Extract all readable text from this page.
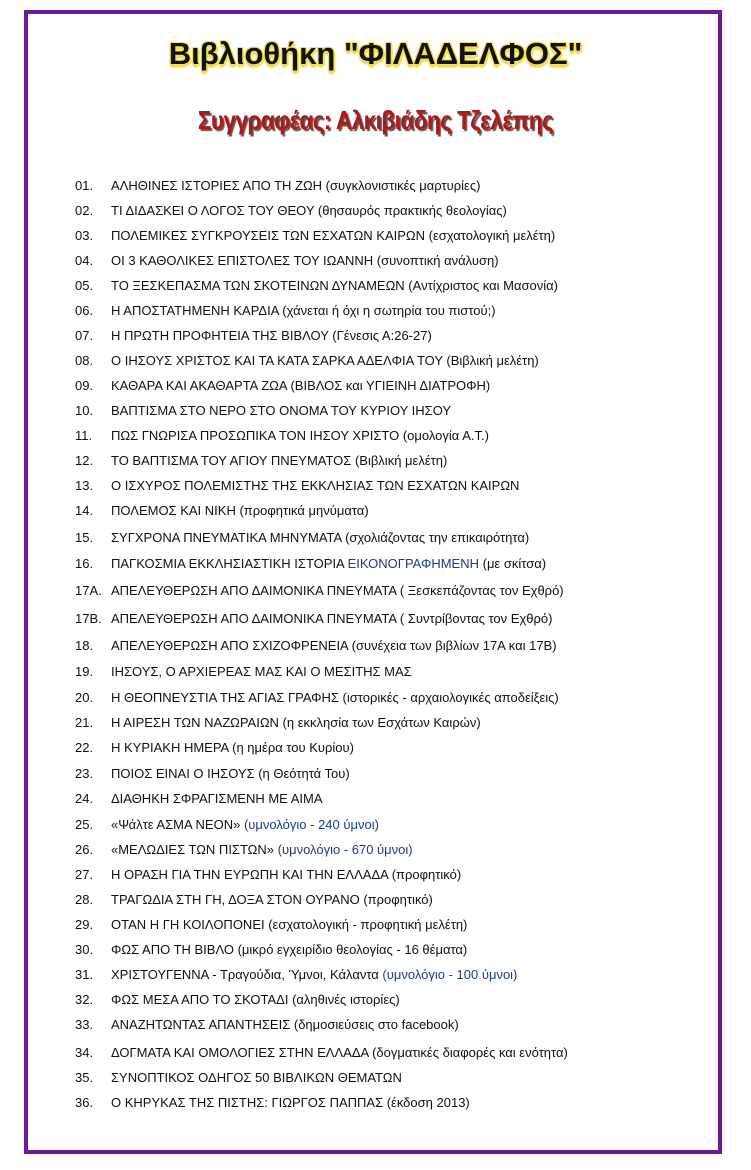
Βιβλιοθήκη "ΦΙΛΑΔΕΛΦΟΣ"
Συγγραφέας: Αλκιβιάδης Τζελέπης
01. ΑΛΗΘΙΝΕΣ ΙΣΤΟΡΙΕΣ ΑΠΟ ΤΗ ΖΩΗ (συγκλονιστικές μαρτυρίες)
02. ΤΙ ΔΙΔΑΣΚΕΙ Ο ΛΟΓΟΣ ΤΟΥ ΘΕΟΥ (θησαυρός πρακτικής θεολογίας)
03. ΠΟΛΕΜΙΚΕΣ ΣΥΓΚΡΟΥΣΕΙΣ ΤΩΝ ΕΣΧΑΤΩΝ ΚΑΙΡΩΝ (εσχατολογική μελέτη)
04. ΟΙ 3 ΚΑΘΟΛΙΚΕΣ ΕΠΙΣΤΟΛΕΣ ΤΟΥ ΙΩΑΝΝΗ (συνοπτική ανάλυση)
05. ΤΟ ΞΕΣΚΕΠΑΣΜΑ ΤΩΝ ΣΚΟΤΕΙΝΩΝ ΔΥΝΑΜΕΩΝ (Αντίχριστος και Μασονία)
06. Η ΑΠΟΣΤΑΤΗΜΕΝΗ ΚΑΡΔΙΑ (χάνεται ή όχι η σωτηρία του πιστού;)
07. Η ΠΡΩΤΗ ΠΡΟΦΗΤΕΙΑ ΤΗΣ ΒΙΒΛΟΥ (Γένεσις Α:26-27)
08. Ο ΙΗΣΟΥΣ ΧΡΙΣΤΟΣ ΚΑΙ ΤΑ ΚΑΤΑ ΣΑΡΚΑ ΑΔΕΛΦΙΑ ΤΟΥ (Βιβλική μελέτη)
09. ΚΑΘΑΡΑ ΚΑΙ ΑΚΑΘΑΡΤΑ ΖΩΑ (ΒΙΒΛΟΣ και ΥΓΙΕΙΝΗ ΔΙΑΤΡΟΦΗ)
10. ΒΑΠΤΙΣΜΑ ΣΤΟ ΝΕΡΟ ΣΤΟ ΟΝΟΜΑ ΤΟΥ ΚΥΡΙΟΥ ΙΗΣΟΥ
11. ΠΩΣ ΓΝΩΡΙΣΑ ΠΡΟΣΩΠΙΚΑ ΤΟΝ ΙΗΣΟΥ ΧΡΙΣΤΟ (ομολογία Α.Τ.)
12. ΤΟ ΒΑΠΤΙΣΜΑ ΤΟΥ ΑΓΙΟΥ ΠΝΕΥΜΑΤΟΣ (Βιβλική μελέτη)
13. Ο ΙΣΧΥΡΟΣ ΠΟΛΕΜΙΣΤΗΣ ΤΗΣ ΕΚΚΛΗΣΙΑΣ ΤΩΝ ΕΣΧΑΤΩΝ ΚΑΙΡΩΝ
14. ΠΟΛΕΜΟΣ ΚΑΙ ΝΙΚΗ (προφητικά μηνύματα)
15. ΣΥΓΧΡΟΝΑ ΠΝΕΥΜΑΤΙΚΑ ΜΗΝΥΜΑΤΑ (σχολιάζοντας την επικαιρότητα)
16. ΠΑΓΚΟΣΜΙΑ ΕΚΚΛΗΣΙΑΣΤΙΚΗ ΙΣΤΟΡΙΑ ΕΙΚΟΝΟΓΡΑΦΗΜΕΝΗ (με σκίτσα)
17Α. ΑΠΕΛΕΥΘΕΡΩΣΗ ΑΠΟ ΔΑΙΜΟΝΙΚΑ ΠΝΕΥΜΑΤΑ ( Ξεσκεπάζοντας τον Εχθρό)
17Β. ΑΠΕΛΕΥΘΕΡΩΣΗ ΑΠΟ ΔΑΙΜΟΝΙΚΑ ΠΝΕΥΜΑΤΑ ( Συντρίβοντας τον Εχθρό)
18. ΑΠΕΛΕΥΘΕΡΩΣΗ ΑΠΟ ΣΧΙΖΟΦΡΕΝΕΙΑ (συνέχεια των βιβλίων 17Α και 17Β)
19. ΙΗΣΟΥΣ, Ο ΑΡΧΙΕΡΕΑΣ ΜΑΣ ΚΑΙ Ο ΜΕΣΙΤΗΣ ΜΑΣ
20. Η ΘΕΟΠΝΕΥΣΤΙΑ ΤΗΣ ΑΓΙΑΣ ΓΡΑΦΗΣ (ιστορικές - αρχαιολογικές αποδείξεις)
21. Η ΑΙΡΕΣΗ ΤΩΝ ΝΑΖΩΡΑΙΩΝ (η εκκλησία των Εσχάτων Καιρών)
22. Η ΚΥΡΙΑΚΗ ΗΜΕΡΑ (η ημέρα του Κυρίου)
23. ΠΟΙΟΣ ΕΙΝΑΙ Ο ΙΗΣΟΥΣ (η Θεότητά Του)
24. ΔΙΑΘΗΚΗ ΣΦΡΑΓΙΣΜΕΝΗ ΜΕ ΑΙΜΑ
25. «Ψάλτε ΑΣΜΑ ΝΕΟΝ» (υμνολόγιο - 240 ύμνοι)
26. «ΜΕΛΩΔΙΕΣ ΤΩΝ ΠΙΣΤΩΝ» (υμνολόγιο - 670 ύμνοι)
27. Η ΟΡΑΣΗ ΓΙΑ ΤΗΝ ΕΥΡΩΠΗ ΚΑΙ ΤΗΝ ΕΛΛΑΔΑ (προφητικό)
28. ΤΡΑΓΩΔΙΑ ΣΤΗ ΓΗ, ΔΟΞΑ ΣΤΟΝ ΟΥΡΑΝΟ (προφητικό)
29. ΟΤΑΝ Η ΓΗ ΚΟΙΛΟΠΟΝΕΙ (εσχατολογική - προφητική μελέτη)
30. ΦΩΣ ΑΠΟ ΤΗ ΒΙΒΛΟ (μικρό εγχειρίδιο θεολογίας - 16 θέματα)
31. ΧΡΙΣΤΟΥΓΕΝΝΑ - Τραγούδια, Ύμνοι, Κάλαντα (υμνολόγιο - 100 ύμνοι)
32. ΦΩΣ ΜΕΣΑ ΑΠΟ ΤΟ ΣΚΟΤΑΔΙ (αληθινές ιστορίες)
33. ΑΝΑΖΗΤΩΝΤΑΣ ΑΠΑΝΤΗΣΕΙΣ (δημοσιεύσεις στο facebook)
34. ΔΟΓΜΑΤΑ ΚΑΙ ΟΜΟΛΟΓΙΕΣ ΣΤΗΝ ΕΛΛΑΔΑ (δογματικές διαφορές και ενότητα)
35. ΣΥΝΟΠΤΙΚΟΣ ΟΔΗΓΟΣ 50 ΒΙΒΛΙΚΩΝ ΘΕΜΑΤΩΝ
36. Ο ΚΗΡΥΚΑΣ ΤΗΣ ΠΙΣΤΗΣ: ΓΙΩΡΓΟΣ ΠΑΠΠΑΣ (έκδοση 2013)
